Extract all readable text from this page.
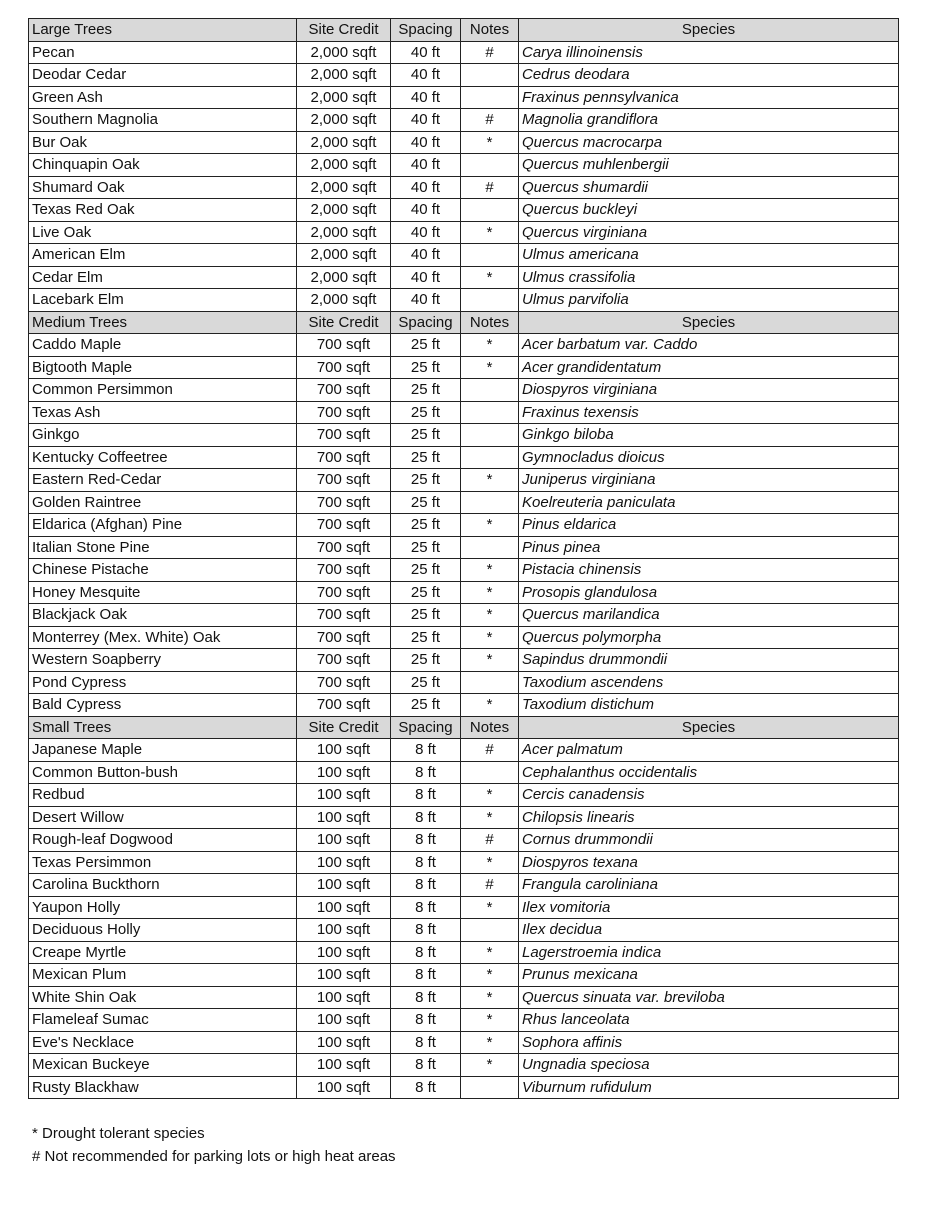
Large Trees	Site Credit	Spacing	Notes	Species
Pecan	2,000 sqft	40 ft	#	Carya illinoinensis
Deodar Cedar	2,000 sqft	40 ft		Cedrus deodara
Green Ash	2,000 sqft	40 ft		Fraxinus pennsylvanica
Southern Magnolia	2,000 sqft	40 ft	#	Magnolia grandiflora
Bur Oak	2,000 sqft	40 ft	*	Quercus macrocarpa
Chinquapin Oak	2,000 sqft	40 ft		Quercus muhlenbergii
Shumard Oak	2,000 sqft	40 ft	#	Quercus shumardii
Texas Red Oak	2,000 sqft	40 ft		Quercus buckleyi
Live Oak	2,000 sqft	40 ft	*	Quercus virginiana
American Elm	2,000 sqft	40 ft		Ulmus americana
Cedar Elm	2,000 sqft	40 ft	*	Ulmus crassifolia
Lacebark Elm	2,000 sqft	40 ft		Ulmus parvifolia
Medium Trees	Site Credit	Spacing	Notes	Species
Caddo Maple	700 sqft	25 ft	*	Acer barbatum var. Caddo
Bigtooth Maple	700 sqft	25 ft	*	Acer grandidentatum
Common Persimmon	700 sqft	25 ft		Diospyros virginiana
Texas Ash	700 sqft	25 ft		Fraxinus texensis
Ginkgo	700 sqft	25 ft		Ginkgo biloba
Kentucky Coffeetree	700 sqft	25 ft		Gymnocladus dioicus
Eastern Red-Cedar	700 sqft	25 ft	*	Juniperus virginiana
Golden Raintree	700 sqft	25 ft		Koelreuteria paniculata
Eldarica (Afghan) Pine	700 sqft	25 ft	*	Pinus eldarica
Italian Stone Pine	700 sqft	25 ft		Pinus pinea
Chinese Pistache	700 sqft	25 ft	*	Pistacia chinensis
Honey Mesquite	700 sqft	25 ft	*	Prosopis glandulosa
Blackjack Oak	700 sqft	25 ft	*	Quercus marilandica
Monterrey (Mex. White) Oak	700 sqft	25 ft	*	Quercus polymorpha
Western Soapberry	700 sqft	25 ft	*	Sapindus drummondii
Pond Cypress	700 sqft	25 ft		Taxodium ascendens
Bald Cypress	700 sqft	25 ft	*	Taxodium distichum
Small Trees	Site Credit	Spacing	Notes	Species
Japanese Maple	100 sqft	8 ft	#	Acer palmatum
Common Button-bush	100 sqft	8 ft		Cephalanthus occidentalis
Redbud	100 sqft	8 ft	*	Cercis canadensis
Desert Willow	100 sqft	8 ft	*	Chilopsis linearis
Rough-leaf Dogwood	100 sqft	8 ft	#	Cornus drummondii
Texas Persimmon	100 sqft	8 ft	*	Diospyros texana
Carolina Buckthorn	100 sqft	8 ft	#	Frangula caroliniana
Yaupon Holly	100 sqft	8 ft	*	Ilex vomitoria
Deciduous Holly	100 sqft	8 ft		Ilex decidua
Creape Myrtle	100 sqft	8 ft	*	Lagerstroemia indica
Mexican Plum	100 sqft	8 ft	*	Prunus mexicana
White Shin Oak	100 sqft	8 ft	*	Quercus sinuata var. breviloba
Flameleaf Sumac	100 sqft	8 ft	*	Rhus lanceolata
Eve's Necklace	100 sqft	8 ft	*	Sophora affinis
Mexican Buckeye	100 sqft	8 ft	*	Ungnadia speciosa
Rusty Blackhaw	100 sqft	8 ft		Viburnum rufidulum
* Drought tolerant species
# Not recommended for parking lots or high heat areas
